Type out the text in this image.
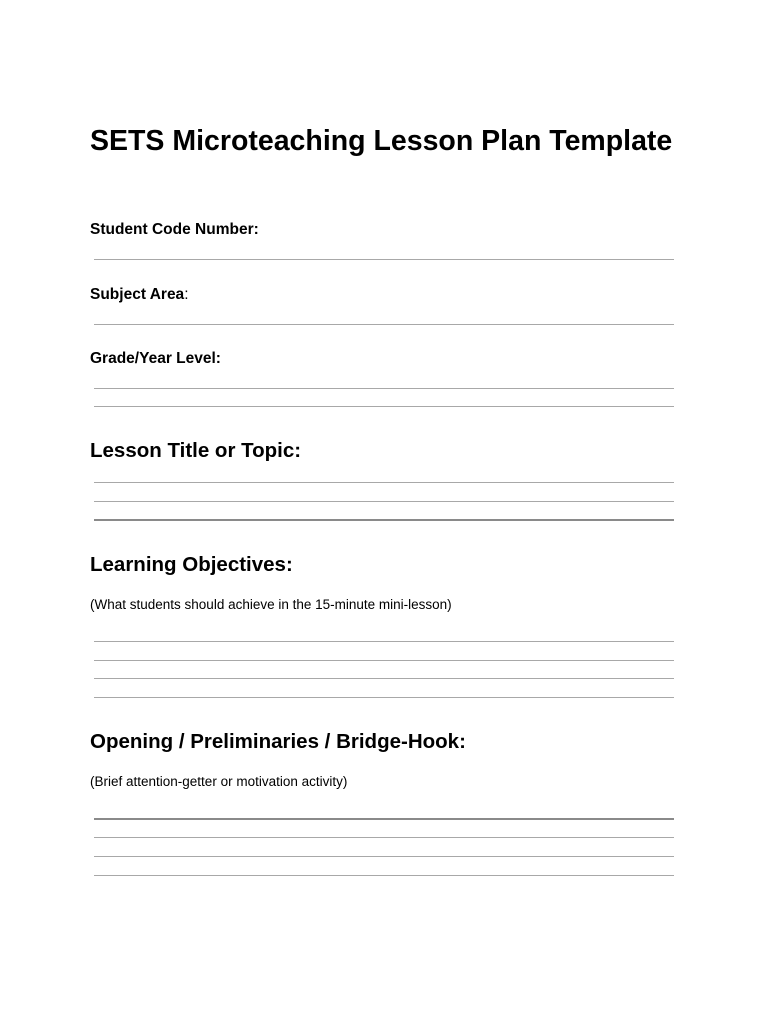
SETS Microteaching Lesson Plan Template
Student Code Number:
Subject Area:
Grade/Year Level:
Lesson Title or Topic:
Learning Objectives:

(What students should achieve in the 15-minute mini-lesson)

Opening / Preliminaries / Bridge-Hook:

(Brief attention-getter or motivation activity)
